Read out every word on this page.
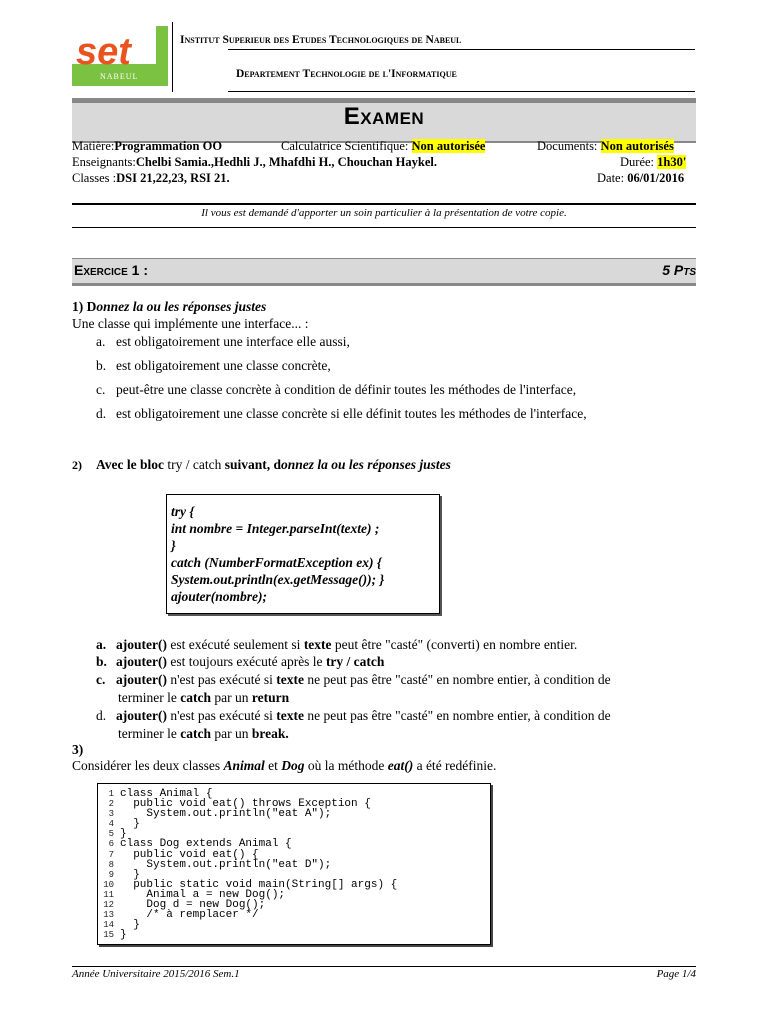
set
NABEUL
Institut Superieur des Etudes Technologiques de Nabeul
Departement Technologie de l'Informatique
Examen
Matière:Programmation OO	Calculatrice Scientifique: Non autorisée	Documents: Non autorisés
Enseignants:Chelbi Samia.,Hedhli J., Mhafdhi H., Chouchan Haykel.	Durée: 1h30'
Classes :DSI 21,22,23, RSI 21.	Date: 06/01/2016
Il vous est demandé d'apporter un soin particulier à la présentation de votre copie.
Exercice 1 :	5 Pts
1) Donnez la ou les réponses justes
Une classe qui implémente une interface... :
a. est obligatoirement une interface elle aussi,
b. est obligatoirement une classe concrète,
c. peut-être une classe concrète à condition de définir toutes les méthodes de l'interface,
d. est obligatoirement une classe concrète si elle définit toutes les méthodes de l'interface,
2) Avec le bloc try / catch suivant, donnez la ou les réponses justes
try {
int nombre = Integer.parseInt(texte) ;
}
catch (NumberFormatException ex) {
System.out.println(ex.getMessage()); }
ajouter(nombre);
a. ajouter() est exécuté seulement si texte peut être "casté" (converti) en nombre entier.
b. ajouter() est toujours exécuté après le try / catch
c. ajouter() n'est pas exécuté si texte ne peut pas être "casté" en nombre entier, à condition de
terminer le catch par un return
d. ajouter() n'est pas exécuté si texte ne peut pas être "casté" en nombre entier, à condition de
terminer le catch par un break.
3)
Considérer les deux classes Animal et Dog où la méthode eat() a été redéfinie.
1 class Animal {
2  public void eat() throws Exception {
3    System.out.println("eat A");
4  }
5 }
6 class Dog extends Animal {
7  public void eat() {
8    System.out.println("eat D");
9  }
10  public static void main(String[] args) {
11    Animal a = new Dog();
12    Dog d = new Dog();
13    /* à remplacer */
14  }
15 }
Année Universitaire 2015/2016 Sem.1	Page 1/4
